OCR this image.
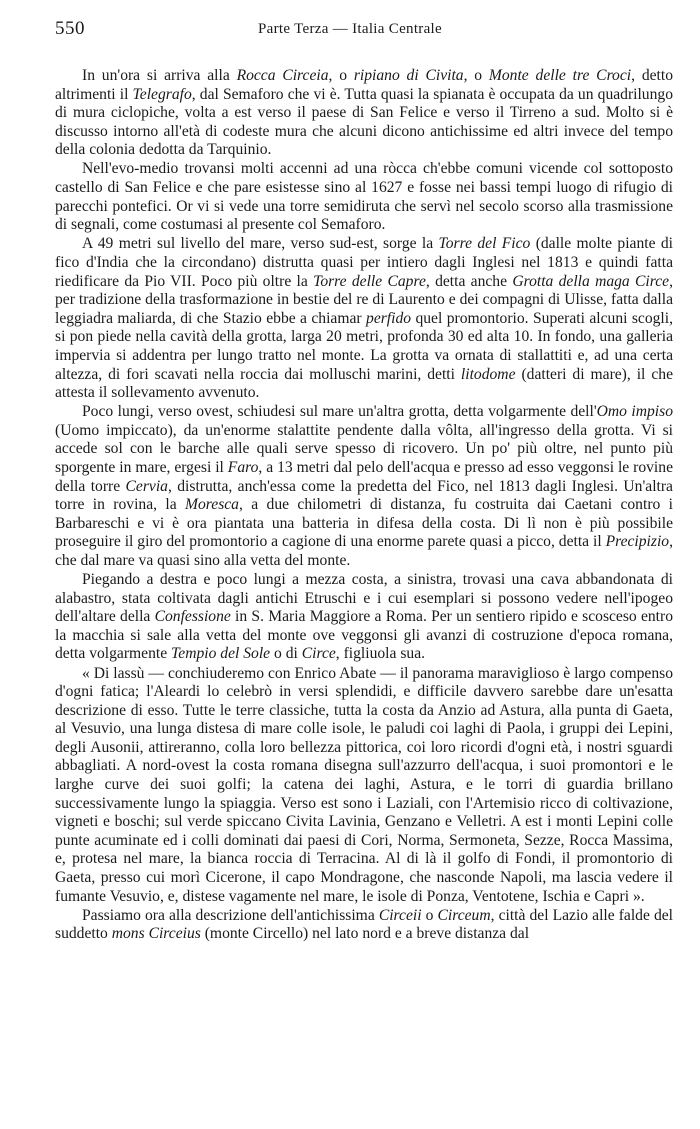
550	Parte Terza — Italia Centrale

In un'ora si arriva alla Rocca Circeia, o ripiano di Civita, o Monte delle tre Croci, detto altrimenti il Telegrafo, dal Semaforo che vi è. Tutta quasi la spianata è occupata da un quadrilungo di mura ciclopiche, volta a est verso il paese di San Felice e verso il Tirreno a sud. Molto si è discusso intorno all'età di codeste mura che alcuni dicono antichissime ed altri invece del tempo della colonia dedotta da Tarquinio.

Nell'evo-medio trovansi molti accenni ad una ròcca ch'ebbe comuni vicende col sottoposto castello di San Felice e che pare esistesse sino al 1627 e fosse nei bassi tempi luogo di rifugio di parecchi pontefici. Or vi si vede una torre semidiruta che servì nel secolo scorso alla trasmissione di segnali, come costumasi al presente col Semaforo.

A 49 metri sul livello del mare, verso sud-est, sorge la Torre del Fico (dalle molte piante di fico d'India che la circondano) distrutta quasi per intiero dagli Inglesi nel 1813 e quindi fatta riedificare da Pio VII. Poco più oltre la Torre delle Capre, detta anche Grotta della maga Circe, per tradizione della trasformazione in bestie del re di Laurento e dei compagni di Ulisse, fatta dalla leggiadra maliarda, di che Stazio ebbe a chiamar perfido quel promontorio. Superati alcuni scogli, si pon piede nella cavità della grotta, larga 20 metri, profonda 30 ed alta 10. In fondo, una galleria impervia si addentra per lungo tratto nel monte. La grotta va ornata di stallattiti e, ad una certa altezza, di fori scavati nella roccia dai molluschi marini, detti litodome (datteri di mare), il che attesta il sollevamento avvenuto.

Poco lungi, verso ovest, schiudesi sul mare un'altra grotta, detta volgarmente dell'Omo impiso (Uomo impiccato), da un'enorme stalattite pendente dalla vôlta, all'ingresso della grotta. Vi si accede sol con le barche alle quali serve spesso di ricovero. Un po' più oltre, nel punto più sporgente in mare, ergesi il Faro, a 13 metri dal pelo dell'acqua e presso ad esso veggonsi le rovine della torre Cervia, distrutta, anch'essa come la predetta del Fico, nel 1813 dagli Inglesi. Un'altra torre in rovina, la Moresca, a due chilometri di distanza, fu costruita dai Caetani contro i Barbareschi e vi è ora piantata una batteria in difesa della costa. Di lì non è più possibile proseguire il giro del promontorio a cagione di una enorme parete quasi a picco, detta il Precipizio, che dal mare va quasi sino alla vetta del monte.

Piegando a destra e poco lungi a mezza costa, a sinistra, trovasi una cava abbandonata di alabastro, stata coltivata dagli antichi Etruschi e i cui esemplari si possono vedere nell'ipogeo dell'altare della Confessione in S. Maria Maggiore a Roma. Per un sentiero ripido e scosceso entro la macchia si sale alla vetta del monte ove veggonsi gli avanzi di costruzione d'epoca romana, detta volgarmente Tempio del Sole o di Circe, figliuola sua.

« Di lassù — conchiuderemo con Enrico Abate — il panorama maraviglioso è largo compenso d'ogni fatica; l'Aleardi lo celebrò in versi splendidi, e difficile davvero sarebbe dare un'esatta descrizione di esso. Tutte le terre classiche, tutta la costa da Anzio ad Astura, alla punta di Gaeta, al Vesuvio, una lunga distesa di mare colle isole, le paludi coi laghi di Paola, i gruppi dei Lepini, degli Ausonii, attireranno, colla loro bellezza pittorica, coi loro ricordi d'ogni età, i nostri sguardi abbagliati. A nord-ovest la costa romana disegna sull'azzurro dell'acqua, i suoi promontori e le larghe curve dei suoi golfi; la catena dei laghi, Astura, e le torri di guardia brillano successivamente lungo la spiaggia. Verso est sono i Laziali, con l'Artemisio ricco di coltivazione, vigneti e boschi; sul verde spiccano Civita Lavinia, Genzano e Velletri. A est i monti Lepini colle punte acuminate ed i colli dominati dai paesi di Cori, Norma, Sermoneta, Sezze, Rocca Massima, e, protesa nel mare, la bianca roccia di Terracina. Al di là il golfo di Fondi, il promontorio di Gaeta, presso cui morì Cicerone, il capo Mondragone, che nasconde Napoli, ma lascia vedere il fumante Vesuvio, e, distese vagamente nel mare, le isole di Ponza, Ventotene, Ischia e Capri ».

Passiamo ora alla descrizione dell'antichissima Circeii o Circeum, città del Lazio alle falde del suddetto mons Circeius (monte Circello) nel lato nord e a breve distanza dal
